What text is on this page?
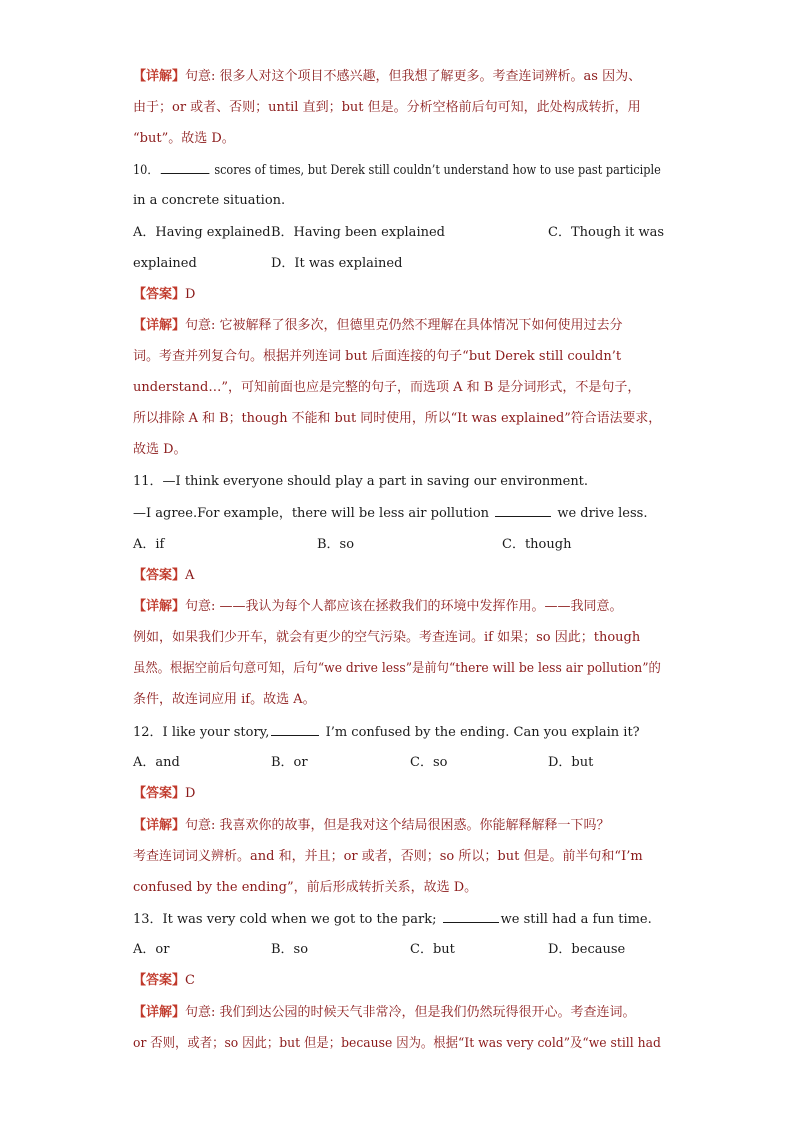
【详解】句意: 很多人对这个项目不感兴趣，但我想了解更多。考查连词辨析。as 因为、
由于；or 或者、否则；until 直到；but 但是。分析空格前后句可知，此处构成转折，用
“but”。故选 D。
10．	scores of times, but Derek still couldn’t understand how to use past participle
in a concrete situation.
A．Having explained B．Having been explained	C．Though it was
explained	D．It was explained
【答案】D
【详解】句意: 它被解释了很多次，但德里克仍然不理解在具体情况下如何使用过去分
词。考查并列复合句。根据并列连词 but 后面连接的句子“but Derek still couldn’t
understand…”，可知前面也应是完整的句子，而选项 A 和 B 是分词形式，不是句子，
所以排除 A 和 B；though 不能和 but 同时使用，所以“It was explained”符合语法要求，
故选 D。
11．—I think everyone should play a part in saving our environment.
—I agree.For example，there will be less air pollution	we drive less.
A．if	B．so	C．though
【答案】A
【详解】句意: ——我认为每个人都应该在拯救我们的环境中发挥作用。——我同意。
例如，如果我们少开车，就会有更少的空气污染。考查连词。if 如果；so 因此；though
虽然。根据空前后句意可知，后句“we drive less”是前句“there will be less air pollution”的
条件，故连词应用 if。故选 A。
12．I like your story,	I’m confused by the ending. Can you explain it?
A．and	B．or	C．so	D．but
【答案】D
【详解】句意: 我喜欢你的故事，但是我对这个结局很困惑。你能解释解释一下吗？
考查连词词义辨析。and 和，并且；or 或者，否则；so 所以；but 但是。前半句和“I’m
confused by the ending”，前后形成转折关系，故选 D。
13．It was very cold when we got to the park;	we still had a fun time.
A．or	B．so	C．but	D．because
【答案】C
【详解】句意: 我们到达公园的时候天气非常冷，但是我们仍然玩得很开心。考查连词。
or 否则，或者；so 因此；but 但是；because 因为。根据“It was very cold”及“we still had
